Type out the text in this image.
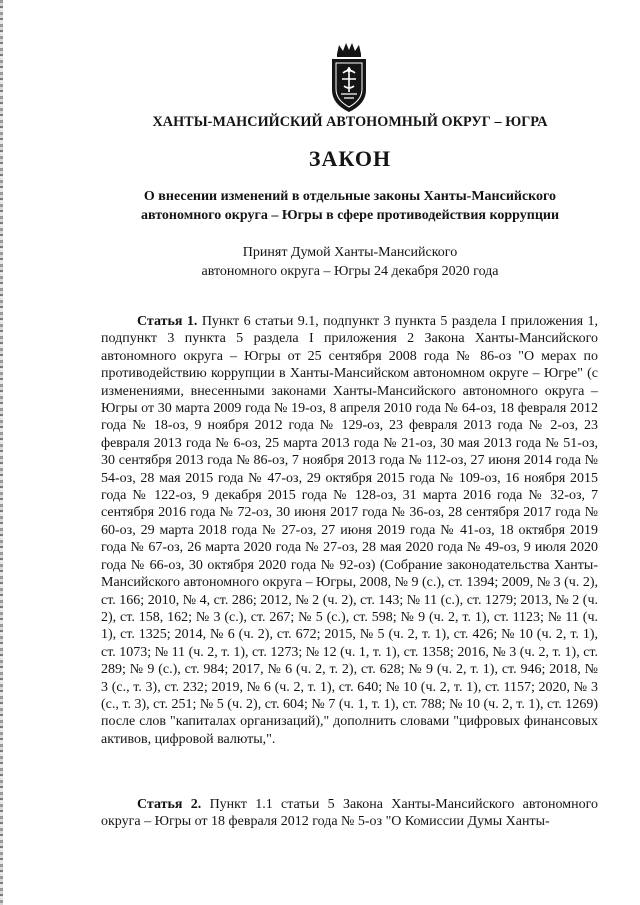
ХАНТЫ-МАНСИЙСКИЙ АВТОНОМНЫЙ ОКРУГ – ЮГРА
ЗАКОН
О внесении изменений в отдельные законы Ханты-Мансийского
автономного округа – Югры в сфере противодействия коррупции
Принят Думой Ханты-Мансийского
автономного округа – Югры 24 декабря 2020 года
Статья 1. Пункт 6 статьи 9.1, подпункт 3 пункта 5 раздела I приложения 1, подпункт 3 пункта 5 раздела I приложения 2 Закона Ханты-Мансийского автономного округа – Югры от 25 сентября 2008 года № 86-оз "О мерах по противодействию коррупции в Ханты-Мансийском автономном округе – Югре" (с изменениями, внесенными законами Ханты-Мансийского автономного округа – Югры от 30 марта 2009 года № 19-оз, 8 апреля 2010 года № 64-оз, 18 февраля 2012 года № 18-оз, 9 ноября 2012 года № 129-оз, 23 февраля 2013 года № 2-оз, 23 февраля 2013 года № 6-оз, 25 марта 2013 года № 21-оз, 30 мая 2013 года № 51-оз, 30 сентября 2013 года № 86-оз, 7 ноября 2013 года № 112-оз, 27 июня 2014 года № 54-оз, 28 мая 2015 года № 47-оз, 29 октября 2015 года № 109-оз, 16 ноября 2015 года № 122-оз, 9 декабря 2015 года № 128-оз, 31 марта 2016 года № 32-оз, 7 сентября 2016 года № 72-оз, 30 июня 2017 года № 36-оз, 28 сентября 2017 года № 60-оз, 29 марта 2018 года № 27-оз, 27 июня 2019 года № 41-оз, 18 октября 2019 года № 67-оз, 26 марта 2020 года № 27-оз, 28 мая 2020 года № 49-оз, 9 июля 2020 года № 66-оз, 30 октября 2020 года № 92-оз) (Собрание законодательства Ханты-Мансийского автономного округа – Югры, 2008, № 9 (с.), ст. 1394; 2009, № 3 (ч. 2), ст. 166; 2010, № 4, ст. 286; 2012, № 2 (ч. 2), ст. 143; № 11 (с.), ст. 1279; 2013, № 2 (ч. 2), ст. 158, 162; № 3 (с.), ст. 267; № 5 (с.), ст. 598; № 9 (ч. 2, т. 1), ст. 1123; № 11 (ч. 1), ст. 1325; 2014, № 6 (ч. 2), ст. 672; 2015, № 5 (ч. 2, т. 1), ст. 426; № 10 (ч. 2, т. 1), ст. 1073; № 11 (ч. 2, т. 1), ст. 1273; № 12 (ч. 1, т. 1), ст. 1358; 2016, № 3 (ч. 2, т. 1), ст. 289; № 9 (с.), ст. 984; 2017, № 6 (ч. 2, т. 2), ст. 628; № 9 (ч. 2, т. 1), ст. 946; 2018, № 3 (с., т. 3), ст. 232; 2019, № 6 (ч. 2, т. 1), ст. 640; № 10 (ч. 2, т. 1), ст. 1157; 2020, № 3 (с., т. 3), ст. 251; № 5 (ч. 2), ст. 604; № 7 (ч. 1, т. 1), ст. 788; № 10 (ч. 2, т. 1), ст. 1269) после слов "капиталах организаций)," дополнить словами "цифровых финансовых активов, цифровой валюты,".
Статья 2. Пункт 1.1 статьи 5 Закона Ханты-Мансийского автономного округа – Югры от 18 февраля 2012 года № 5-оз "О Комиссии Думы Ханты-
